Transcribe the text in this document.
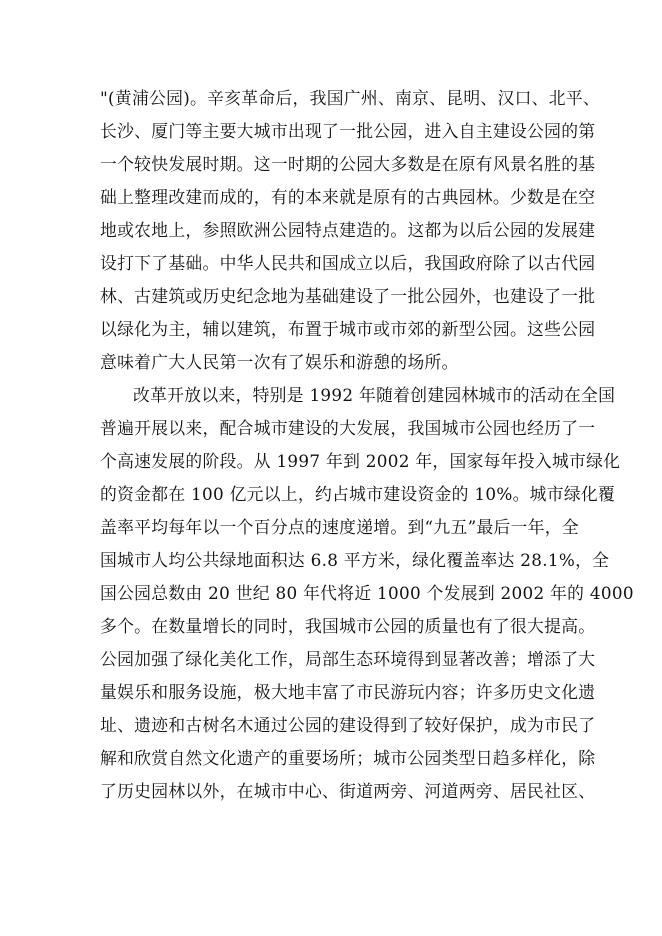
"(黄浦公园)。辛亥革命后，我国广州、南京、昆明、汉口、北平、
长沙、厦门等主要大城市出现了一批公园，进入自主建设公园的第
一个较快发展时期。这一时期的公园大多数是在原有风景名胜的基
础上整理改建而成的，有的本来就是原有的古典园林。少数是在空
地或农地上，参照欧洲公园特点建造的。这都为以后公园的发展建
设打下了基础。中华人民共和国成立以后，我国政府除了以古代园
林、古建筑或历史纪念地为基础建设了一批公园外，也建设了一批
以绿化为主，辅以建筑，布置于城市或市郊的新型公园。这些公园
意味着广大人民第一次有了娱乐和游憩的场所。
改革开放以来，特别是 1992 年随着创建园林城市的活动在全国
普遍开展以来，配合城市建设的大发展，我国城市公园也经历了一
个高速发展的阶段。从 1997 年到 2002 年，国家每年投入城市绿化
的资金都在 100 亿元以上，约占城市建设资金的 10%。城市绿化覆
盖率平均每年以一个百分点的速度递增。到“九五”最后一年，全
国城市人均公共绿地面积达 6.8 平方米，绿化覆盖率达 28.1%，全
国公园总数由 20 世纪 80 年代将近 1000 个发展到 2002 年的 4000
多个。在数量增长的同时，我国城市公园的质量也有了很大提高。
公园加强了绿化美化工作，局部生态环境得到显著改善；增添了大
量娱乐和服务设施，极大地丰富了市民游玩内容；许多历史文化遗
址、遗迹和古树名木通过公园的建设得到了较好保护，成为市民了
解和欣赏自然文化遗产的重要场所；城市公园类型日趋多样化，除
了历史园林以外，在城市中心、街道两旁、河道两旁、居民社区、
